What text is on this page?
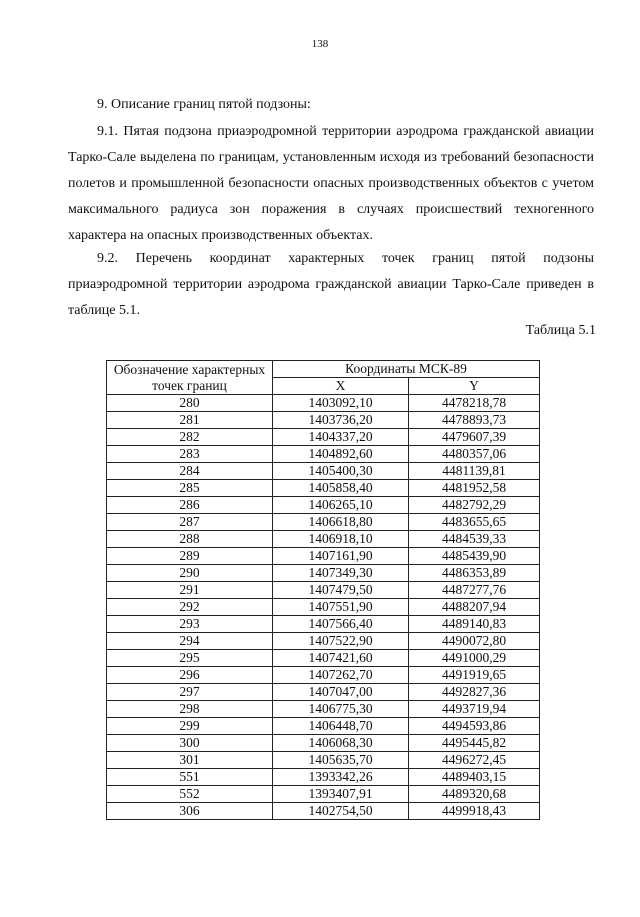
138
9. Описание границ пятой подзоны:

9.1. Пятая подзона приаэродромной территории аэродрома гражданской авиации Тарко-Сале выделена по границам, установленным исходя из требований безопасности полетов и промышленной безопасности опасных производственных объектов с учетом максимального радиуса зон поражения в случаях происшествий техногенного характера на опасных производственных объектах.

9.2. Перечень координат характерных точек границ пятой подзоны приаэродромной территории аэродрома гражданской авиации Тарко-Сале приведен в таблице 5.1.

Таблица 5.1
Обозначение характерных точек границ	Координаты МСК-89	
	X	Y
280	1403092,10	4478218,78
281	1403736,20	4478893,73
282	1404337,20	4479607,39
283	1404892,60	4480357,06
284	1405400,30	4481139,81
285	1405858,40	4481952,58
286	1406265,10	4482792,29
287	1406618,80	4483655,65
288	1406918,10	4484539,33
289	1407161,90	4485439,90
290	1407349,30	4486353,89
291	1407479,50	4487277,76
292	1407551,90	4488207,94
293	1407566,40	4489140,83
294	1407522,90	4490072,80
295	1407421,60	4491000,29
296	1407262,70	4491919,65
297	1407047,00	4492827,36
298	1406775,30	4493719,94
299	1406448,70	4494593,86
300	1406068,30	4495445,82
301	1405635,70	4496272,45
551	1393342,26	4489403,15
552	1393407,91	4489320,68
306	1402754,50	4499918,43
